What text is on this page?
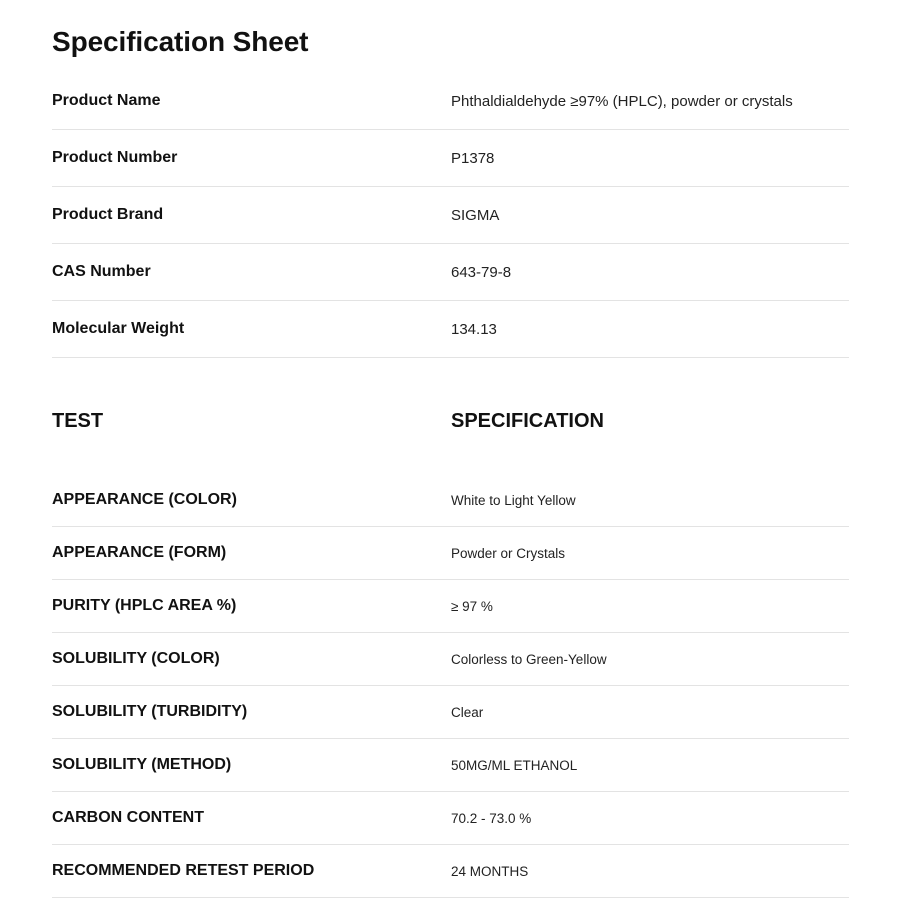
Specification Sheet
Product Name	Phthaldialdehyde ≥97% (HPLC), powder or crystals
Product Number	P1378
Product Brand	SIGMA
CAS Number	643-79-8
Molecular Weight	134.13
TEST	SPECIFICATION
APPEARANCE (COLOR)	White to Light Yellow
APPEARANCE (FORM)	Powder or Crystals
PURITY (HPLC AREA %)	≥ 97 %
SOLUBILITY (COLOR)	Colorless to Green-Yellow
SOLUBILITY (TURBIDITY)	Clear
SOLUBILITY (METHOD)	50MG/ML ETHANOL
CARBON CONTENT	70.2 - 73.0 %
RECOMMENDED RETEST PERIOD	24 MONTHS
